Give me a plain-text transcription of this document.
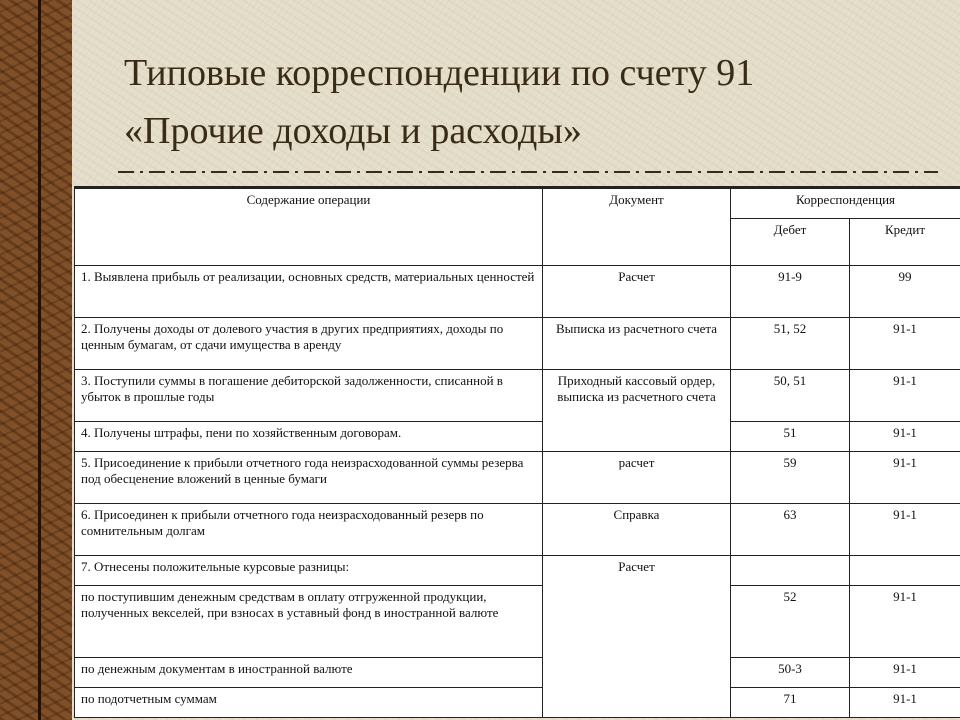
Типовые корреспонденции по счету 91
«Прочие доходы и расходы»
Содержание операции	Документ	Корреспонденция	
		Дебет	Кредит
1. Выявлена прибыль от реализации, основных средств, материальных ценностей	Расчет	91-9	99
2. Получены доходы от долевого участия в других предприятиях, доходы по ценным бумагам, от сдачи имущества в аренду	Выписка из расчетного счета	51, 52	91-1
3. Поступили суммы в погашение дебиторской задолженности, списанной в убыток в прошлые годы	Приходный кассовый ордер, выписка из расчетного счета	50, 51	91-1
4. Получены штрафы, пени по хозяйственным договорам.		51	91-1
5. Присоединение к прибыли отчетного года неизрасходованной суммы резерва под обесценение вложений в ценные бумаги	расчет	59	91-1
6. Присоединен к прибыли отчетного года неизрасходованный резерв по сомнительным долгам	Справка	63	91-1
7. Отнесены положительные курсовые разницы:	Расчет		
по поступившим денежным средствам в оплату отгруженной продукции, полученных векселей, при взносах в уставный фонд в иностранной валюте		52	91-1
по денежным документам в иностранной валюте		50-3	91-1
по подотчетным суммам		71	91-1
